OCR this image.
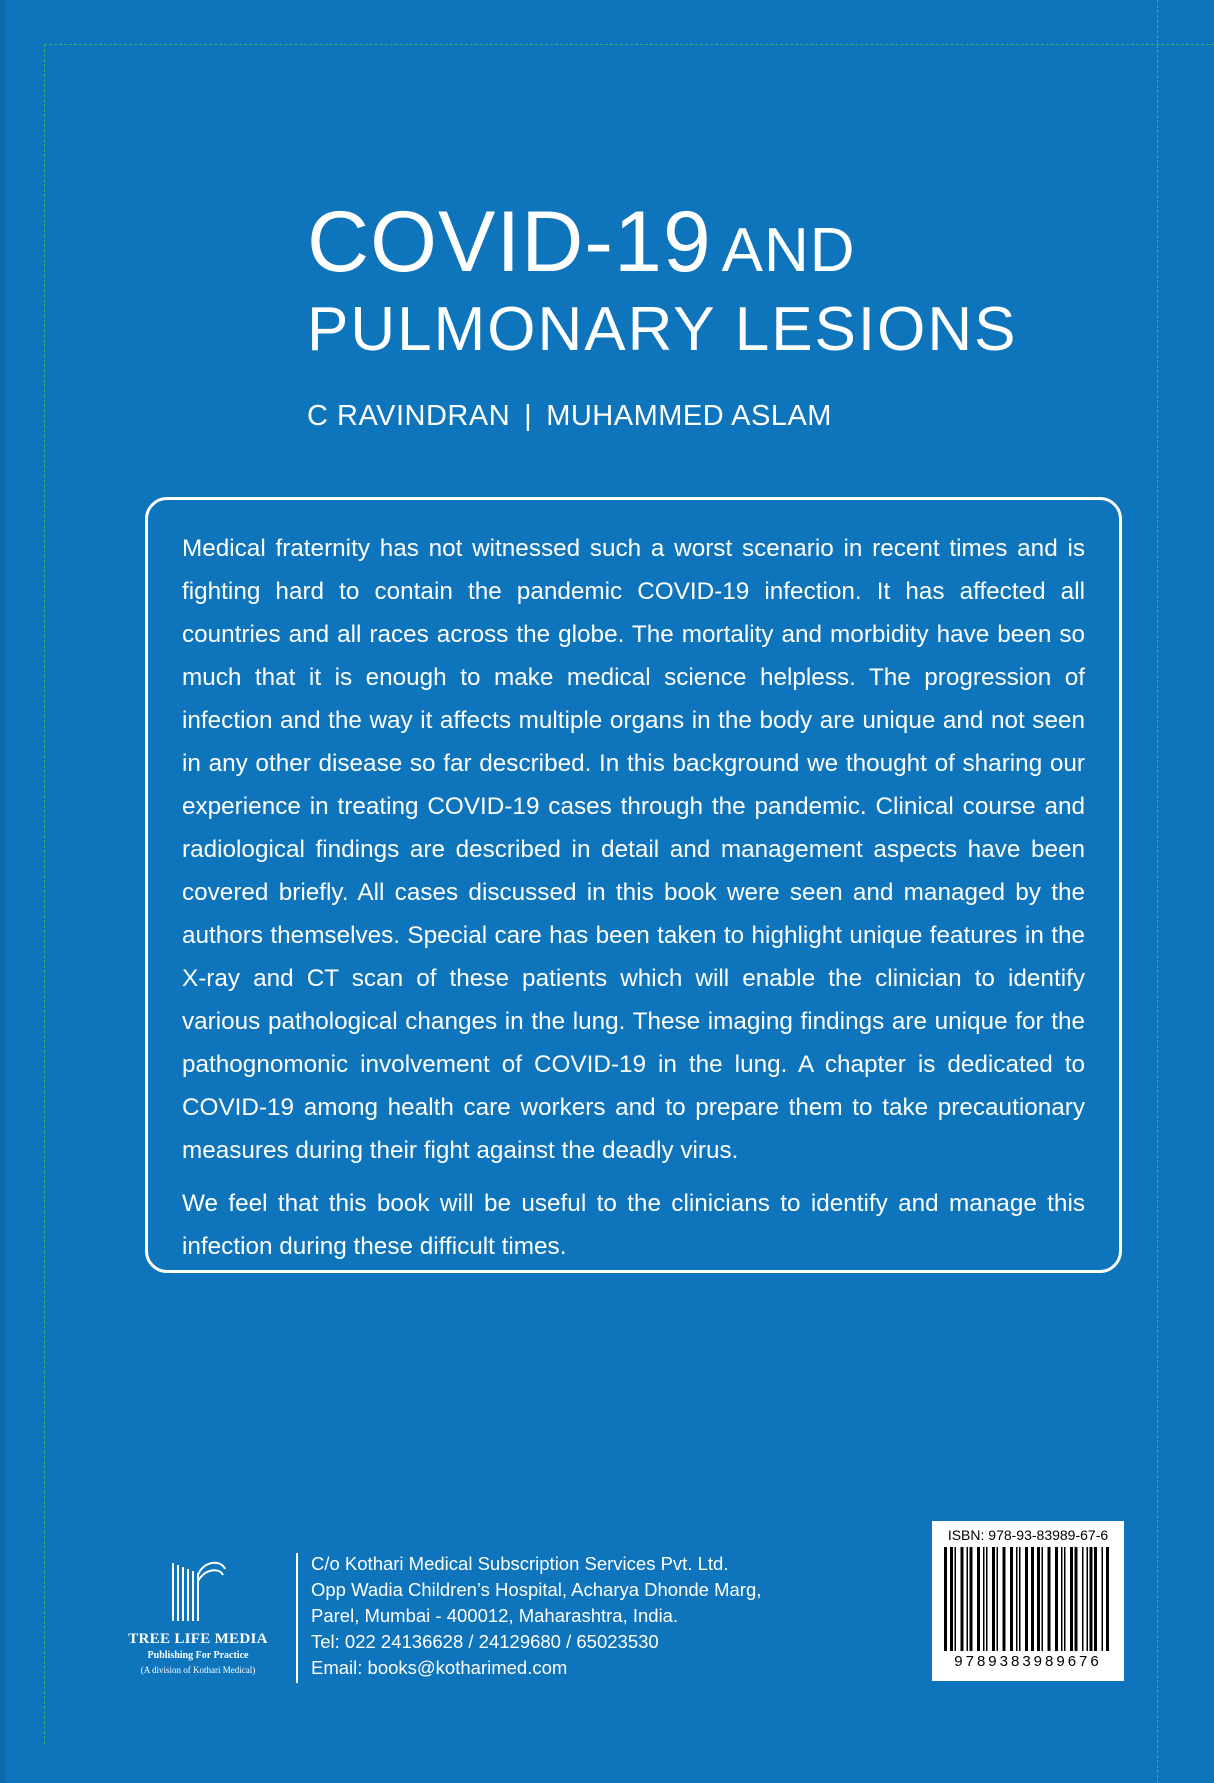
COVID-19 AND
PULMONARY LESIONS
C RAVINDRAN | MUHAMMED ASLAM

Medical fraternity has not witnessed such a worst scenario in recent times and is fighting hard to contain the pandemic COVID-19 infection. It has affected all countries and all races across the globe. The mortality and morbidity have been so much that it is enough to make medical science helpless. The progression of infection and the way it affects multiple organs in the body are unique and not seen in any other disease so far described. In this background we thought of sharing our experience in treating COVID-19 cases through the pandemic. Clinical course and radiological findings are described in detail and management aspects have been covered briefly. All cases discussed in this book were seen and managed by the authors themselves. Special care has been taken to highlight unique features in the X-ray and CT scan of these patients which will enable the clinician to identify various pathological changes in the lung. These imaging findings are unique for the pathognomonic involvement of COVID-19 in the lung. A chapter is dedicated to COVID-19 among health care workers and to prepare them to take precautionary measures during their fight against the deadly virus.

We feel that this book will be useful to the clinicians to identify and manage this infection during these difficult times.

TREE LIFE MEDIA
Publishing For Practice
(A division of Kothari Medical)
C/o Kothari Medical Subscription Services Pvt. Ltd.
Opp Wadia Children’s Hospital, Acharya Dhonde Marg,
Parel, Mumbai - 400012, Maharashtra, India.
Tel: 022 24136628 / 24129680 / 65023530
Email: books@kotharimed.com
ISBN: 978-93-83989-67-6
9789383989676
